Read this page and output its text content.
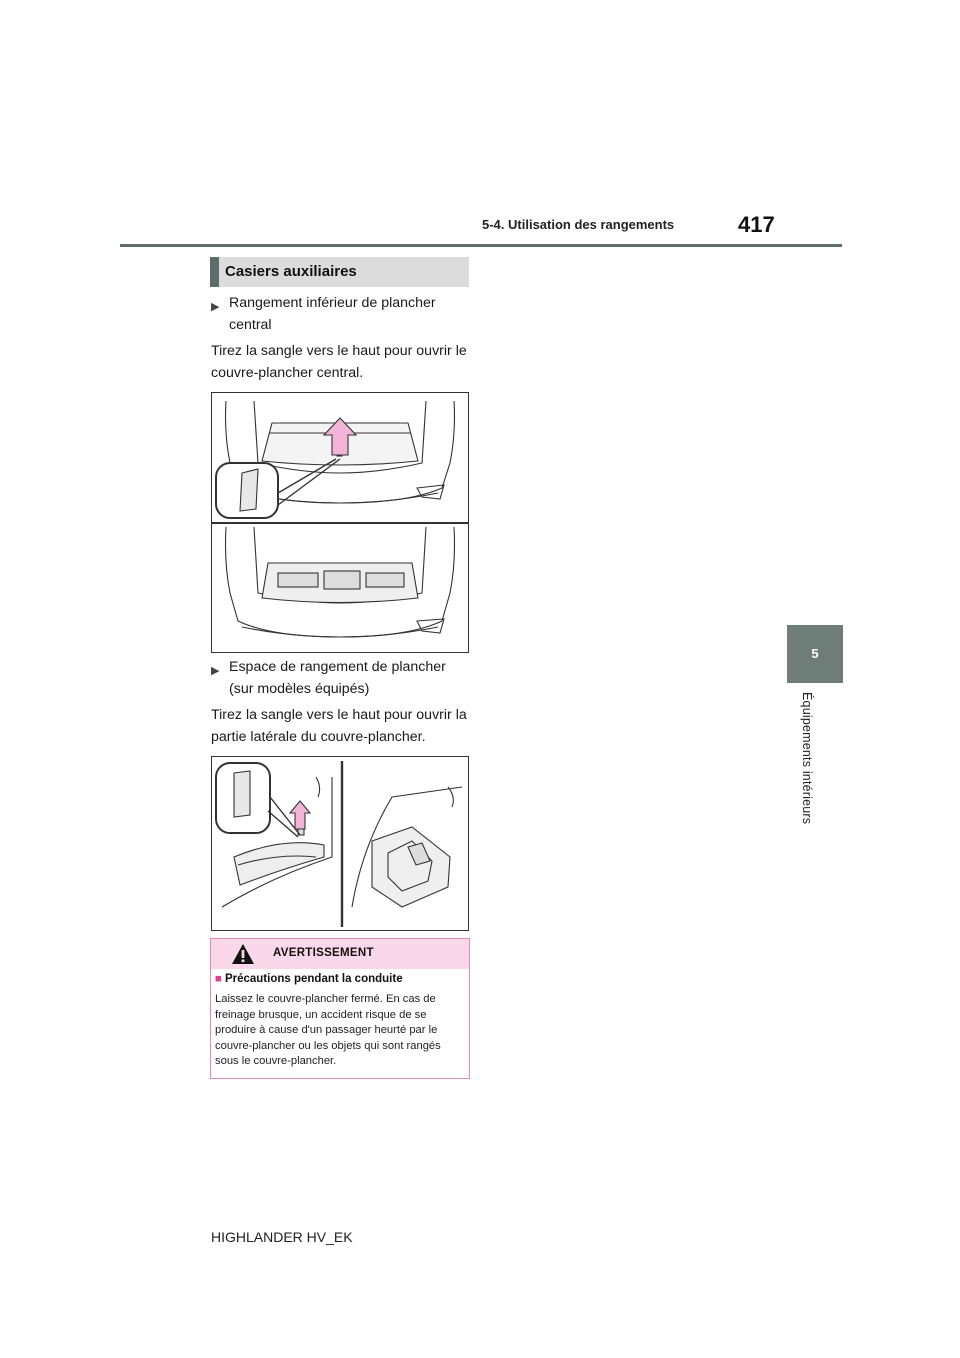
5-4. Utilisation des rangements	417
5
Équipements intérieurs
Casiers auxiliaires
▶ Rangement inférieur de plancher central
Tirez la sangle vers le haut pour ouvrir le couvre-plancher central.
▶ Espace de rangement de plancher (sur modèles équipés)
Tirez la sangle vers le haut pour ouvrir la partie latérale du couvre-plancher.
AVERTISSEMENT
■ Précautions pendant la conduite
Laissez le couvre-plancher fermé. En cas de freinage brusque, un accident risque de se produire à cause d'un passager heurté par le couvre-plancher ou les objets qui sont rangés sous le couvre-plancher.
HIGHLANDER HV_EK
